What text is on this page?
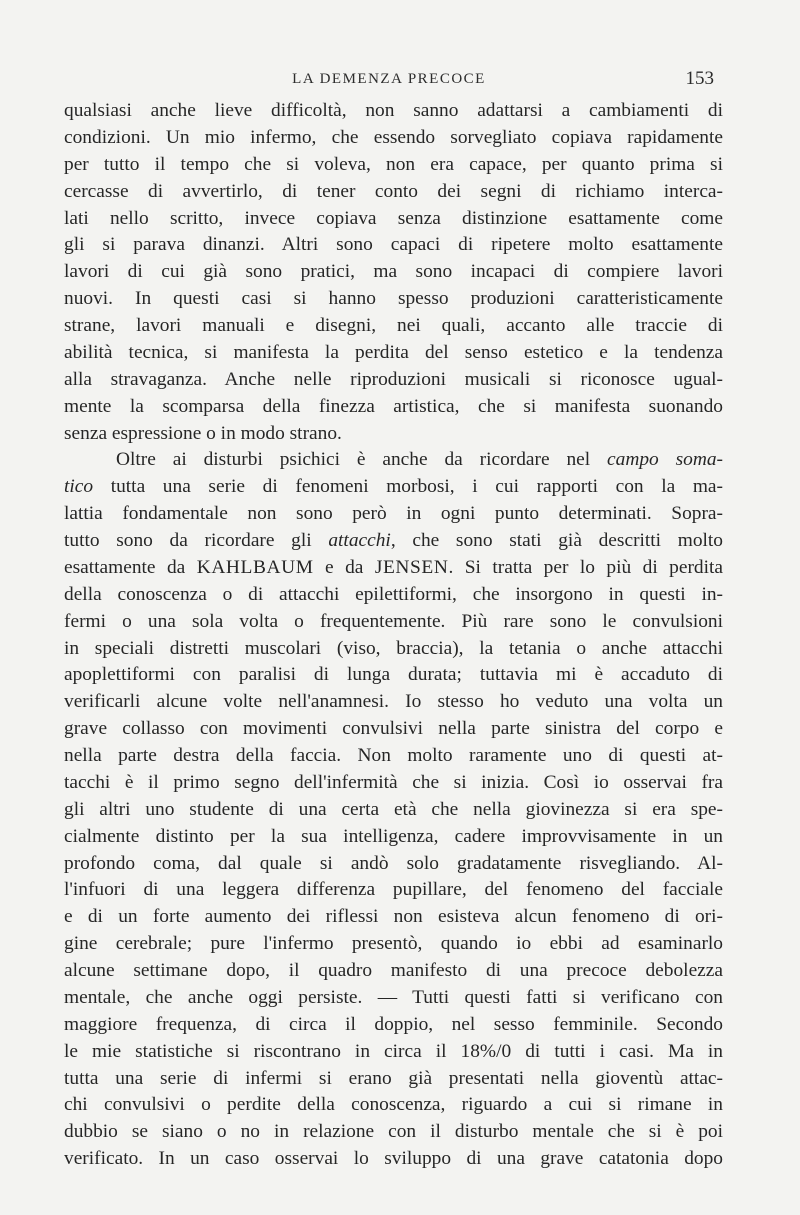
LA DEMENZA PRECOCE	153
qualsiasi anche lieve difficoltà, non sanno adattarsi a cambiamenti di
condizioni. Un mio infermo, che essendo sorvegliato copiava rapidamente
per tutto il tempo che si voleva, non era capace, per quanto prima si
cercasse di avvertirlo, di tener conto dei segni di richiamo interca-
lati nello scritto, invece copiava senza distinzione esattamente come
gli si parava dinanzi. Altri sono capaci di ripetere molto esattamente
lavori di cui già sono pratici, ma sono incapaci di compiere lavori
nuovi. In questi casi si hanno spesso produzioni caratteristicamente
strane, lavori manuali e disegni, nei quali, accanto alle traccie di
abilità tecnica, si manifesta la perdita del senso estetico e la tendenza
alla stravaganza. Anche nelle riproduzioni musicali si riconosce ugual-
mente la scomparsa della finezza artistica, che si manifesta suonando
senza espressione o in modo strano.
Oltre ai disturbi psichici è anche da ricordare nel campo soma-
tico tutta una serie di fenomeni morbosi, i cui rapporti con la ma-
lattia fondamentale non sono però in ogni punto determinati. Sopra-
tutto sono da ricordare gli attacchi, che sono stati già descritti molto
esattamente da KAHLBAUM e da JENSEN. Si tratta per lo più di perdita
della conoscenza o di attacchi epilettiformi, che insorgono in questi in-
fermi o una sola volta o frequentemente. Più rare sono le convulsioni
in speciali distretti muscolari (viso, braccia), la tetania o anche attacchi
apoplettiformi con paralisi di lunga durata; tuttavia mi è accaduto di
verificarli alcune volte nell'anamnesi. Io stesso ho veduto una volta un
grave collasso con movimenti convulsivi nella parte sinistra del corpo e
nella parte destra della faccia. Non molto raramente uno di questi at-
tacchi è il primo segno dell'infermità che si inizia. Così io osservai fra
gli altri uno studente di una certa età che nella giovinezza si era spe-
cialmente distinto per la sua intelligenza, cadere improvvisamente in un
profondo coma, dal quale si andò solo gradatamente risvegliando. Al-
l'infuori di una leggera differenza pupillare, del fenomeno del facciale
e di un forte aumento dei riflessi non esisteva alcun fenomeno di ori-
gine cerebrale; pure l'infermo presentò, quando io ebbi ad esaminarlo
alcune settimane dopo, il quadro manifesto di una precoce debolezza
mentale, che anche oggi persiste. — Tutti questi fatti si verificano con
maggiore frequenza, di circa il doppio, nel sesso femminile. Secondo
le mie statistiche si riscontrano in circa il 18%/0 di tutti i casi. Ma in
tutta una serie di infermi si erano già presentati nella gioventù attac-
chi convulsivi o perdite della conoscenza, riguardo a cui si rimane in
dubbio se siano o no in relazione con il disturbo mentale che si è poi
verificato. In un caso osservai lo sviluppo di una grave catatonia dopo
